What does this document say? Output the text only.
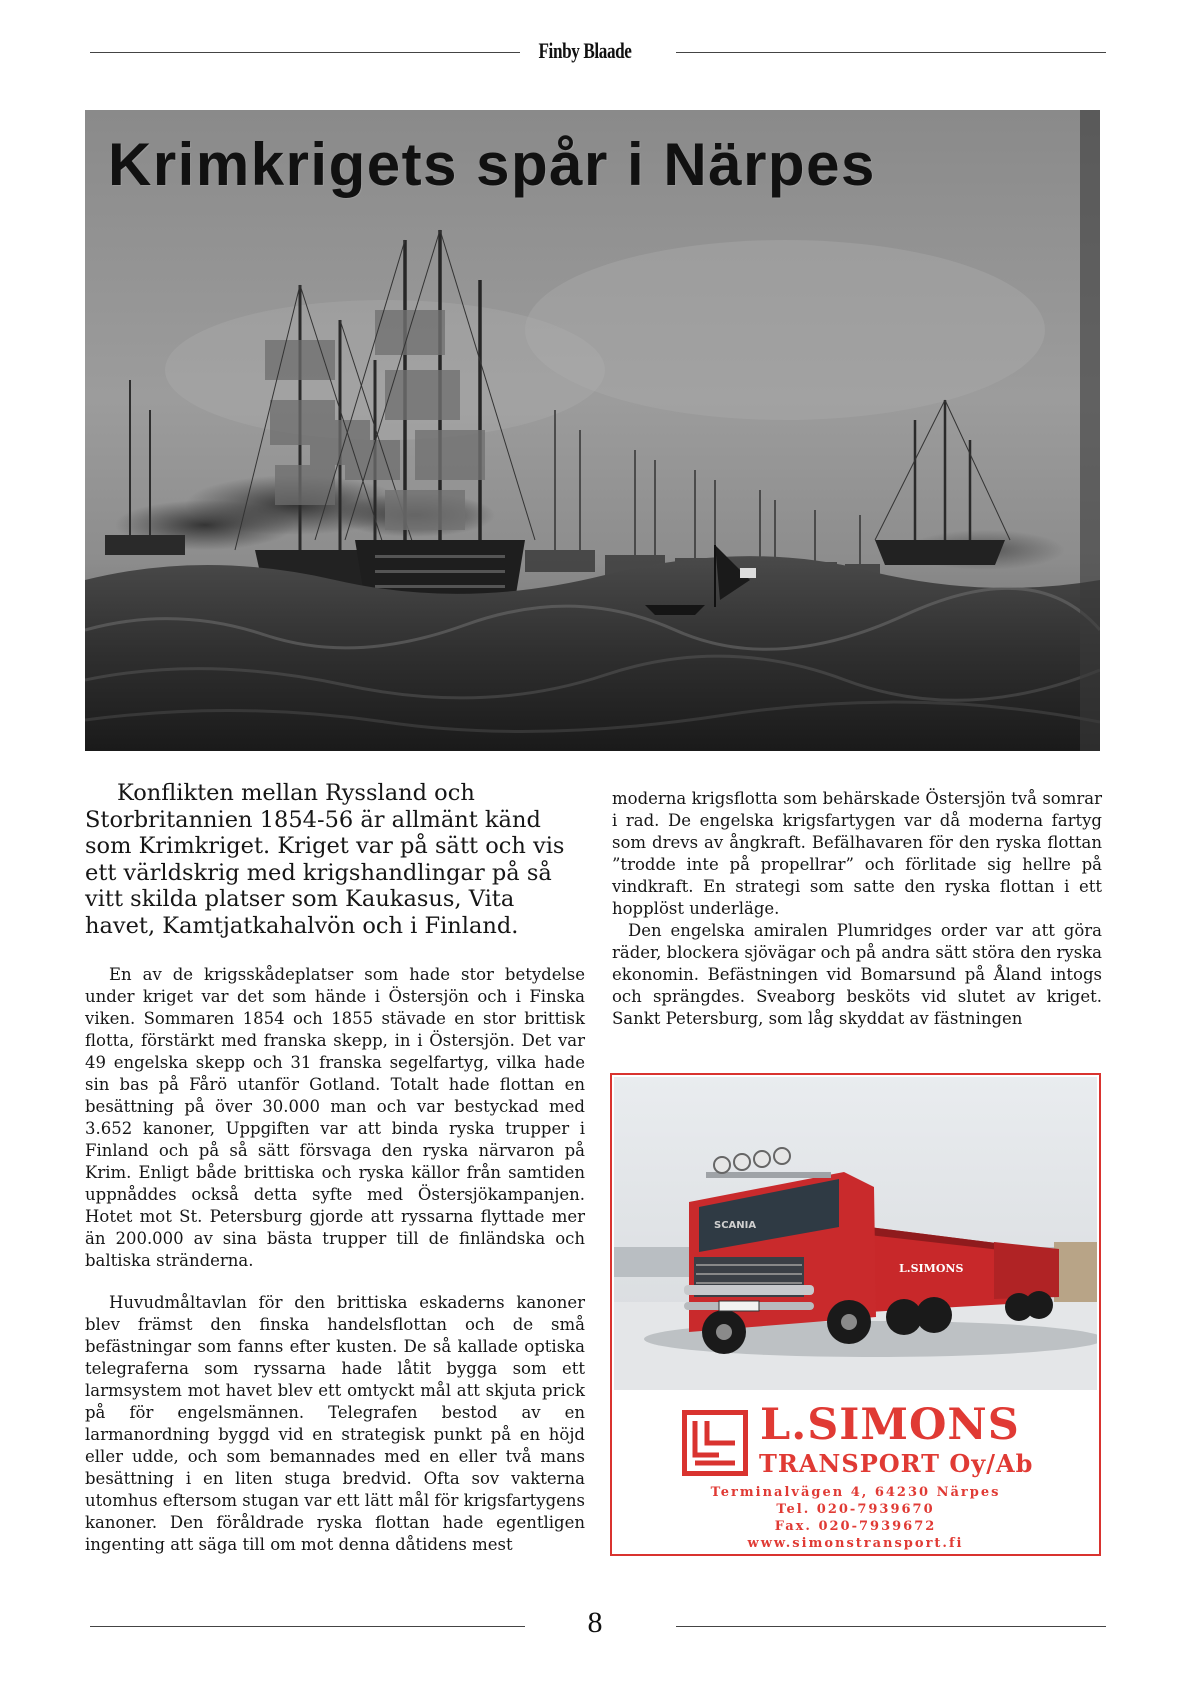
Finby Blaade
Krimkrigets spår i Närpes

Konflikten mellan Ryssland och Storbritannien 1854-56 är allmänt känd som Krimkriget. Kriget var på sätt och vis ett världskrig med krigshandlingar på så vitt skilda platser som Kaukasus, Vita havet, Kamtjatkahalvön och i Finland.

En av de krigsskådeplatser som hade stor betydelse under kriget var det som hände i Östersjön och i Finska viken. Sommaren 1854 och 1855 stävade en stor brittisk flotta, förstärkt med franska skepp, in i Östersjön. Det var 49 engelska skepp och 31 franska segelfartyg, vilka hade sin bas på Fårö utanför Gotland. Totalt hade flottan en besättning på över 30.000 man och var bestyckad med 3.652 kanoner, Uppgiften var att binda ryska trupper i Finland och på så sätt försvaga den ryska närvaron på Krim. Enligt både brittiska och ryska källor från samtiden uppnåddes också detta syfte med Östersjökampanjen. Hotet mot St. Petersburg gjorde att ryssarna flyttade mer än 200.000 av sina bästa trupper till de finländska och baltiska stränderna.

Huvudmåltavlan för den brittiska eskaderns kanoner blev främst den finska handelsflottan och de små befästningar som fanns efter kusten. De så kallade optiska telegraferna som ryssarna hade låtit bygga som ett larmsystem mot havet blev ett omtyckt mål att skjuta prick på för engelsmännen. Telegrafen bestod av en larmanordning byggd vid en strategisk punkt på en höjd eller udde, och som bemannades med en eller två mans besättning i en liten stuga bredvid. Ofta sov vakterna utomhus eftersom stugan var ett lätt mål för krigsfartygens kanoner. Den föråldrade ryska flottan hade egentligen ingenting att säga till om mot denna dåtidens mest

moderna krigsflotta som behärskade Östersjön två somrar i rad. De engelska krigsfartygen var då moderna fartyg som drevs av ångkraft. Befälhavaren för den ryska flottan ”trodde inte på propellrar” och förlitade sig hellre på vindkraft. En strategi som satte den ryska flottan i ett hopplöst underläge.

Den engelska amiralen Plumridges order var att göra räder, blockera sjövägar och på andra sätt störa den ryska ekonomin. Befästningen vid Bomarsund på Åland intogs och sprängdes. Sveaborg besköts vid slutet av kriget. Sankt Petersburg, som låg skyddat av fästningen

SCANIA
L.SIMONS
L.SIMONS
TRANSPORT Oy/Ab
Terminalvägen 4, 64230 Närpes
Tel. 020-7939670
Fax. 020-7939672
www.simonstransport.fi
8
